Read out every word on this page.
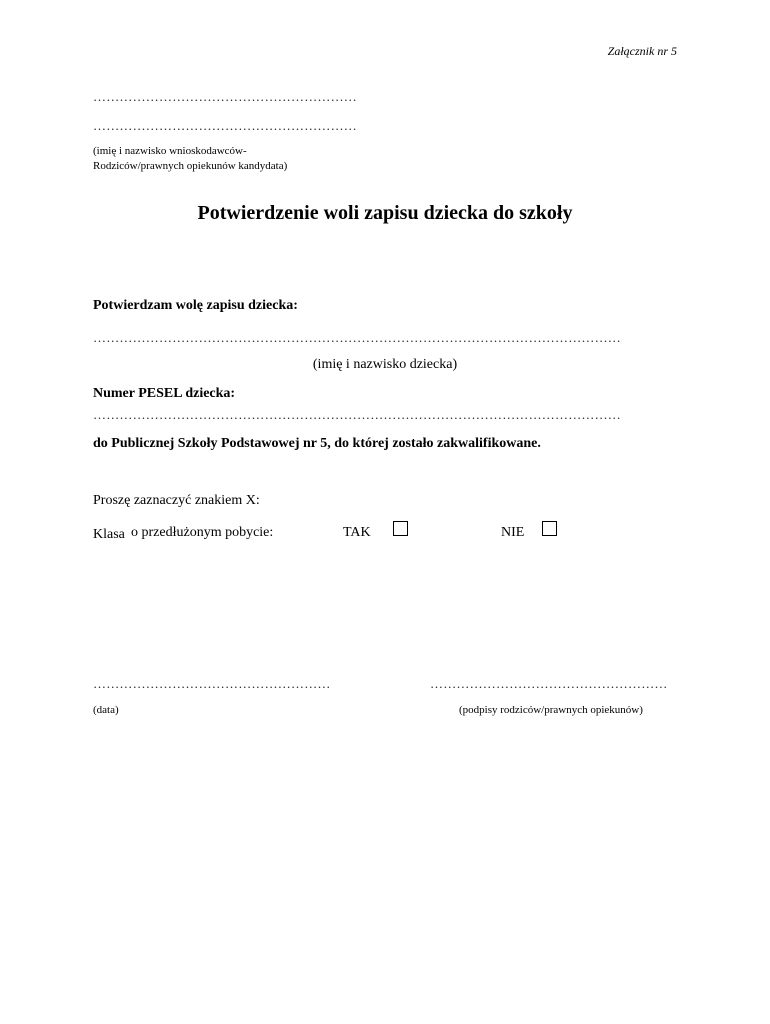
Załącznik nr 5
……………………………………………………
……………………………………………………
(imię i nazwisko wnioskodawców-
Rodziców/prawnych opiekunów kandydata)
Potwierdzenie woli zapisu dziecka do szkoły
Potwierdzam wolę zapisu dziecka:
…………………………………………………………………………………………………………
(imię i nazwisko dziecka)
Numer PESEL dziecka:
…………………………………………………………………………………………………………
do Publicznej Szkoły Podstawowej nr 5, do której zostało zakwalifikowane.
Proszę zaznaczyć znakiem X:
Klasa o przedłużonym pobycie:	TAK	NIE
………………………………………………	………………………………………………
(data)	(podpisy rodziców/prawnych opiekunów)
